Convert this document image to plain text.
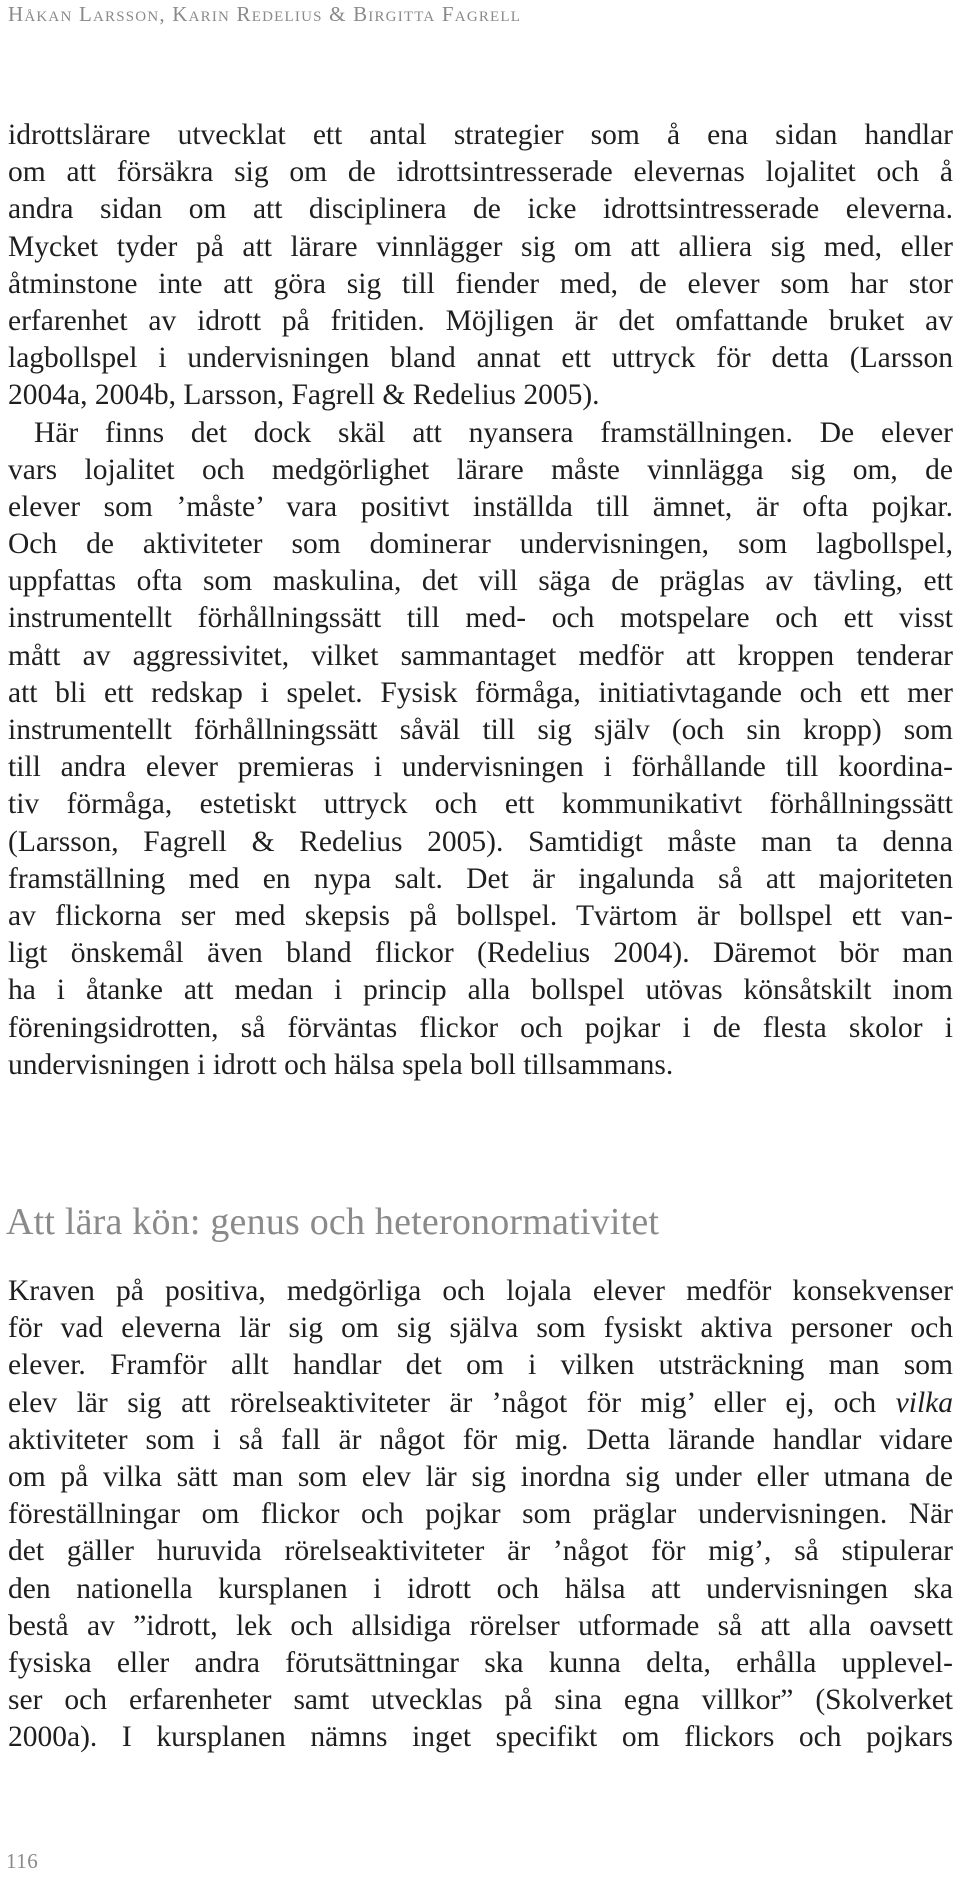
Håkan Larsson, Karin Redelius & Birgitta Fagrell
idrottslärare utvecklat ett antal strategier som å ena sidan handlar
om att försäkra sig om de idrottsintresserade elevernas lojalitet och å
andra sidan om att disciplinera de icke idrottsintresserade eleverna.
Mycket tyder på att lärare vinnlägger sig om att alliera sig med, eller
åtminstone inte att göra sig till fiender med, de elever som har stor
erfarenhet av idrott på fritiden. Möjligen är det omfattande bruket av
lagbollspel i undervisningen bland annat ett uttryck för detta (Larsson
2004a, 2004b, Larsson, Fagrell & Redelius 2005).
Här finns det dock skäl att nyansera framställningen. De elever
vars lojalitet och medgörlighet lärare måste vinnlägga sig om, de
elever som ’måste’ vara positivt inställda till ämnet, är ofta pojkar.
Och de aktiviteter som dominerar undervisningen, som lagbollspel,
uppfattas ofta som maskulina, det vill säga de präglas av tävling, ett
instrumentellt förhållningssätt till med- och motspelare och ett visst
mått av aggressivitet, vilket sammantaget medför att kroppen tenderar
att bli ett redskap i spelet. Fysisk förmåga, initiativtagande och ett mer
instrumentellt förhållningssätt såväl till sig själv (och sin kropp) som
till andra elever premieras i undervisningen i förhållande till koordina-
tiv förmåga, estetiskt uttryck och ett kommunikativt förhållningssätt
(Larsson, Fagrell & Redelius 2005). Samtidigt måste man ta denna
framställning med en nypa salt. Det är ingalunda så att majoriteten
av flickorna ser med skepsis på bollspel. Tvärtom är bollspel ett van-
ligt önskemål även bland flickor (Redelius 2004). Däremot bör man
ha i åtanke att medan i princip alla bollspel utövas könsåtskilt inom
föreningsidrotten, så förväntas flickor och pojkar i de flesta skolor i
undervisningen i idrott och hälsa spela boll tillsammans.
Att lära kön: genus och heteronormativitet
Kraven på positiva, medgörliga och lojala elever medför konsekvenser
för vad eleverna lär sig om sig själva som fysiskt aktiva personer och
elever. Framför allt handlar det om i vilken utsträckning man som
elev lär sig att rörelseaktiviteter är ’något för mig’ eller ej, och vilka
aktiviteter som i så fall är något för mig. Detta lärande handlar vidare
om på vilka sätt man som elev lär sig inordna sig under eller utmana de
föreställningar om flickor och pojkar som präglar undervisningen. När
det gäller huruvida rörelseaktiviteter är ’något för mig’, så stipulerar
den nationella kursplanen i idrott och hälsa att undervisningen ska
bestå av ”idrott, lek och allsidiga rörelser utformade så att alla oavsett
fysiska eller andra förutsättningar ska kunna delta, erhålla upplevel-
ser och erfarenheter samt utvecklas på sina egna villkor” (Skolverket
2000a). I kursplanen nämns inget specifikt om flickors och pojkars
116
